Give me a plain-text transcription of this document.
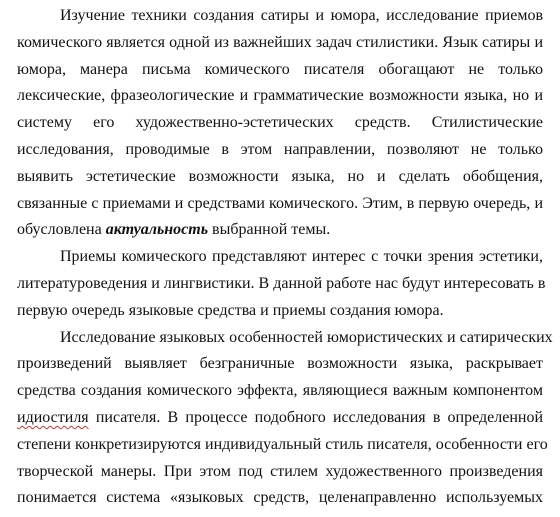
Изучение техники создания сатиры и юмора, исследование приемов
комического является одной из важнейших задач стилистики. Язык сатиры и
юмора, манера письма комического писателя обогащают не только
лексические, фразеологические и грамматические возможности языка, но и
систему его художественно-эстетических средств. Стилистические
исследования, проводимые в этом направлении, позволяют не только
выявить эстетические возможности языка, но и сделать обобщения,
связанные с приемами и средствами комического. Этим, в первую очередь, и
обусловлена актуальность выбранной темы.
Приемы комического представляют интерес с точки зрения эстетики,
литературоведения и лингвистики. В данной работе нас будут интересовать в
первую очередь языковые средства и приемы создания юмора.
Исследование языковых особенностей юмористических и сатирических
произведений выявляет безграничные возможности языка, раскрывает
средства создания комического эффекта, являющиеся важным компонентом
идиостиля писателя. В процессе подобного исследования в определенной
степени конкретизируются индивидуальный стиль писателя, особенности его
творческой манеры. При этом под стилем художественного произведения
понимается система «языковых средств, целенаправленно используемых
